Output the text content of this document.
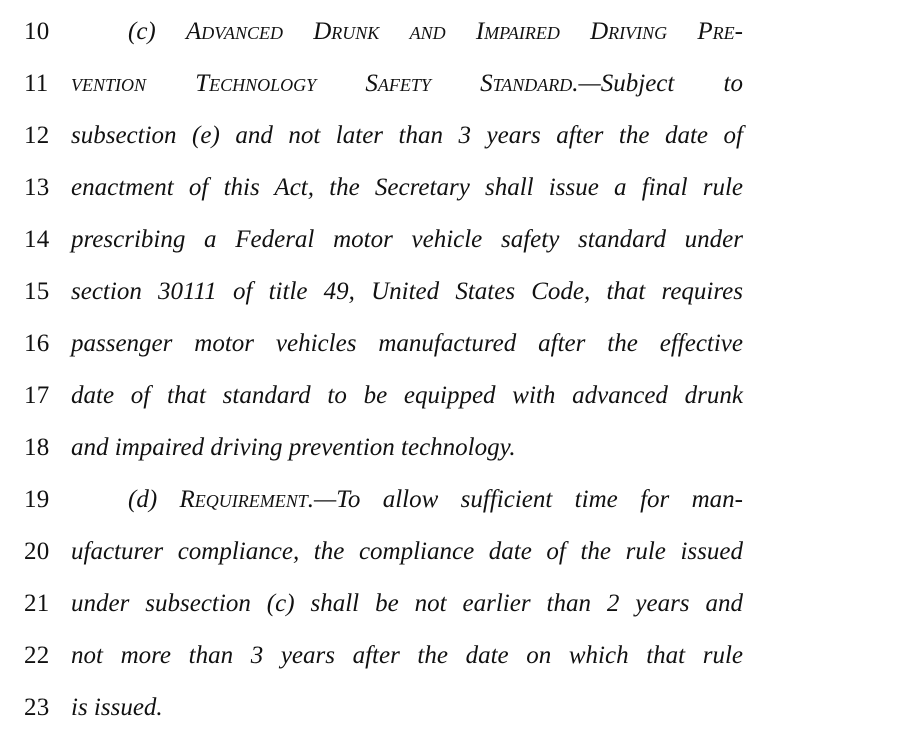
10	(c) Advanced Drunk and Impaired Driving Pre-
11 vention Technology Safety Standard.—Subject to
12 subsection (e) and not later than 3 years after the date of
13 enactment of this Act, the Secretary shall issue a final rule
14 prescribing a Federal motor vehicle safety standard under
15 section 30111 of title 49, United States Code, that requires
16 passenger motor vehicles manufactured after the effective
17 date of that standard to be equipped with advanced drunk
18 and impaired driving prevention technology.
19	(d) Requirement.—To allow sufficient time for man-
20 ufacturer compliance, the compliance date of the rule issued
21 under subsection (c) shall be not earlier than 2 years and
22 not more than 3 years after the date on which that rule
23 is issued.
